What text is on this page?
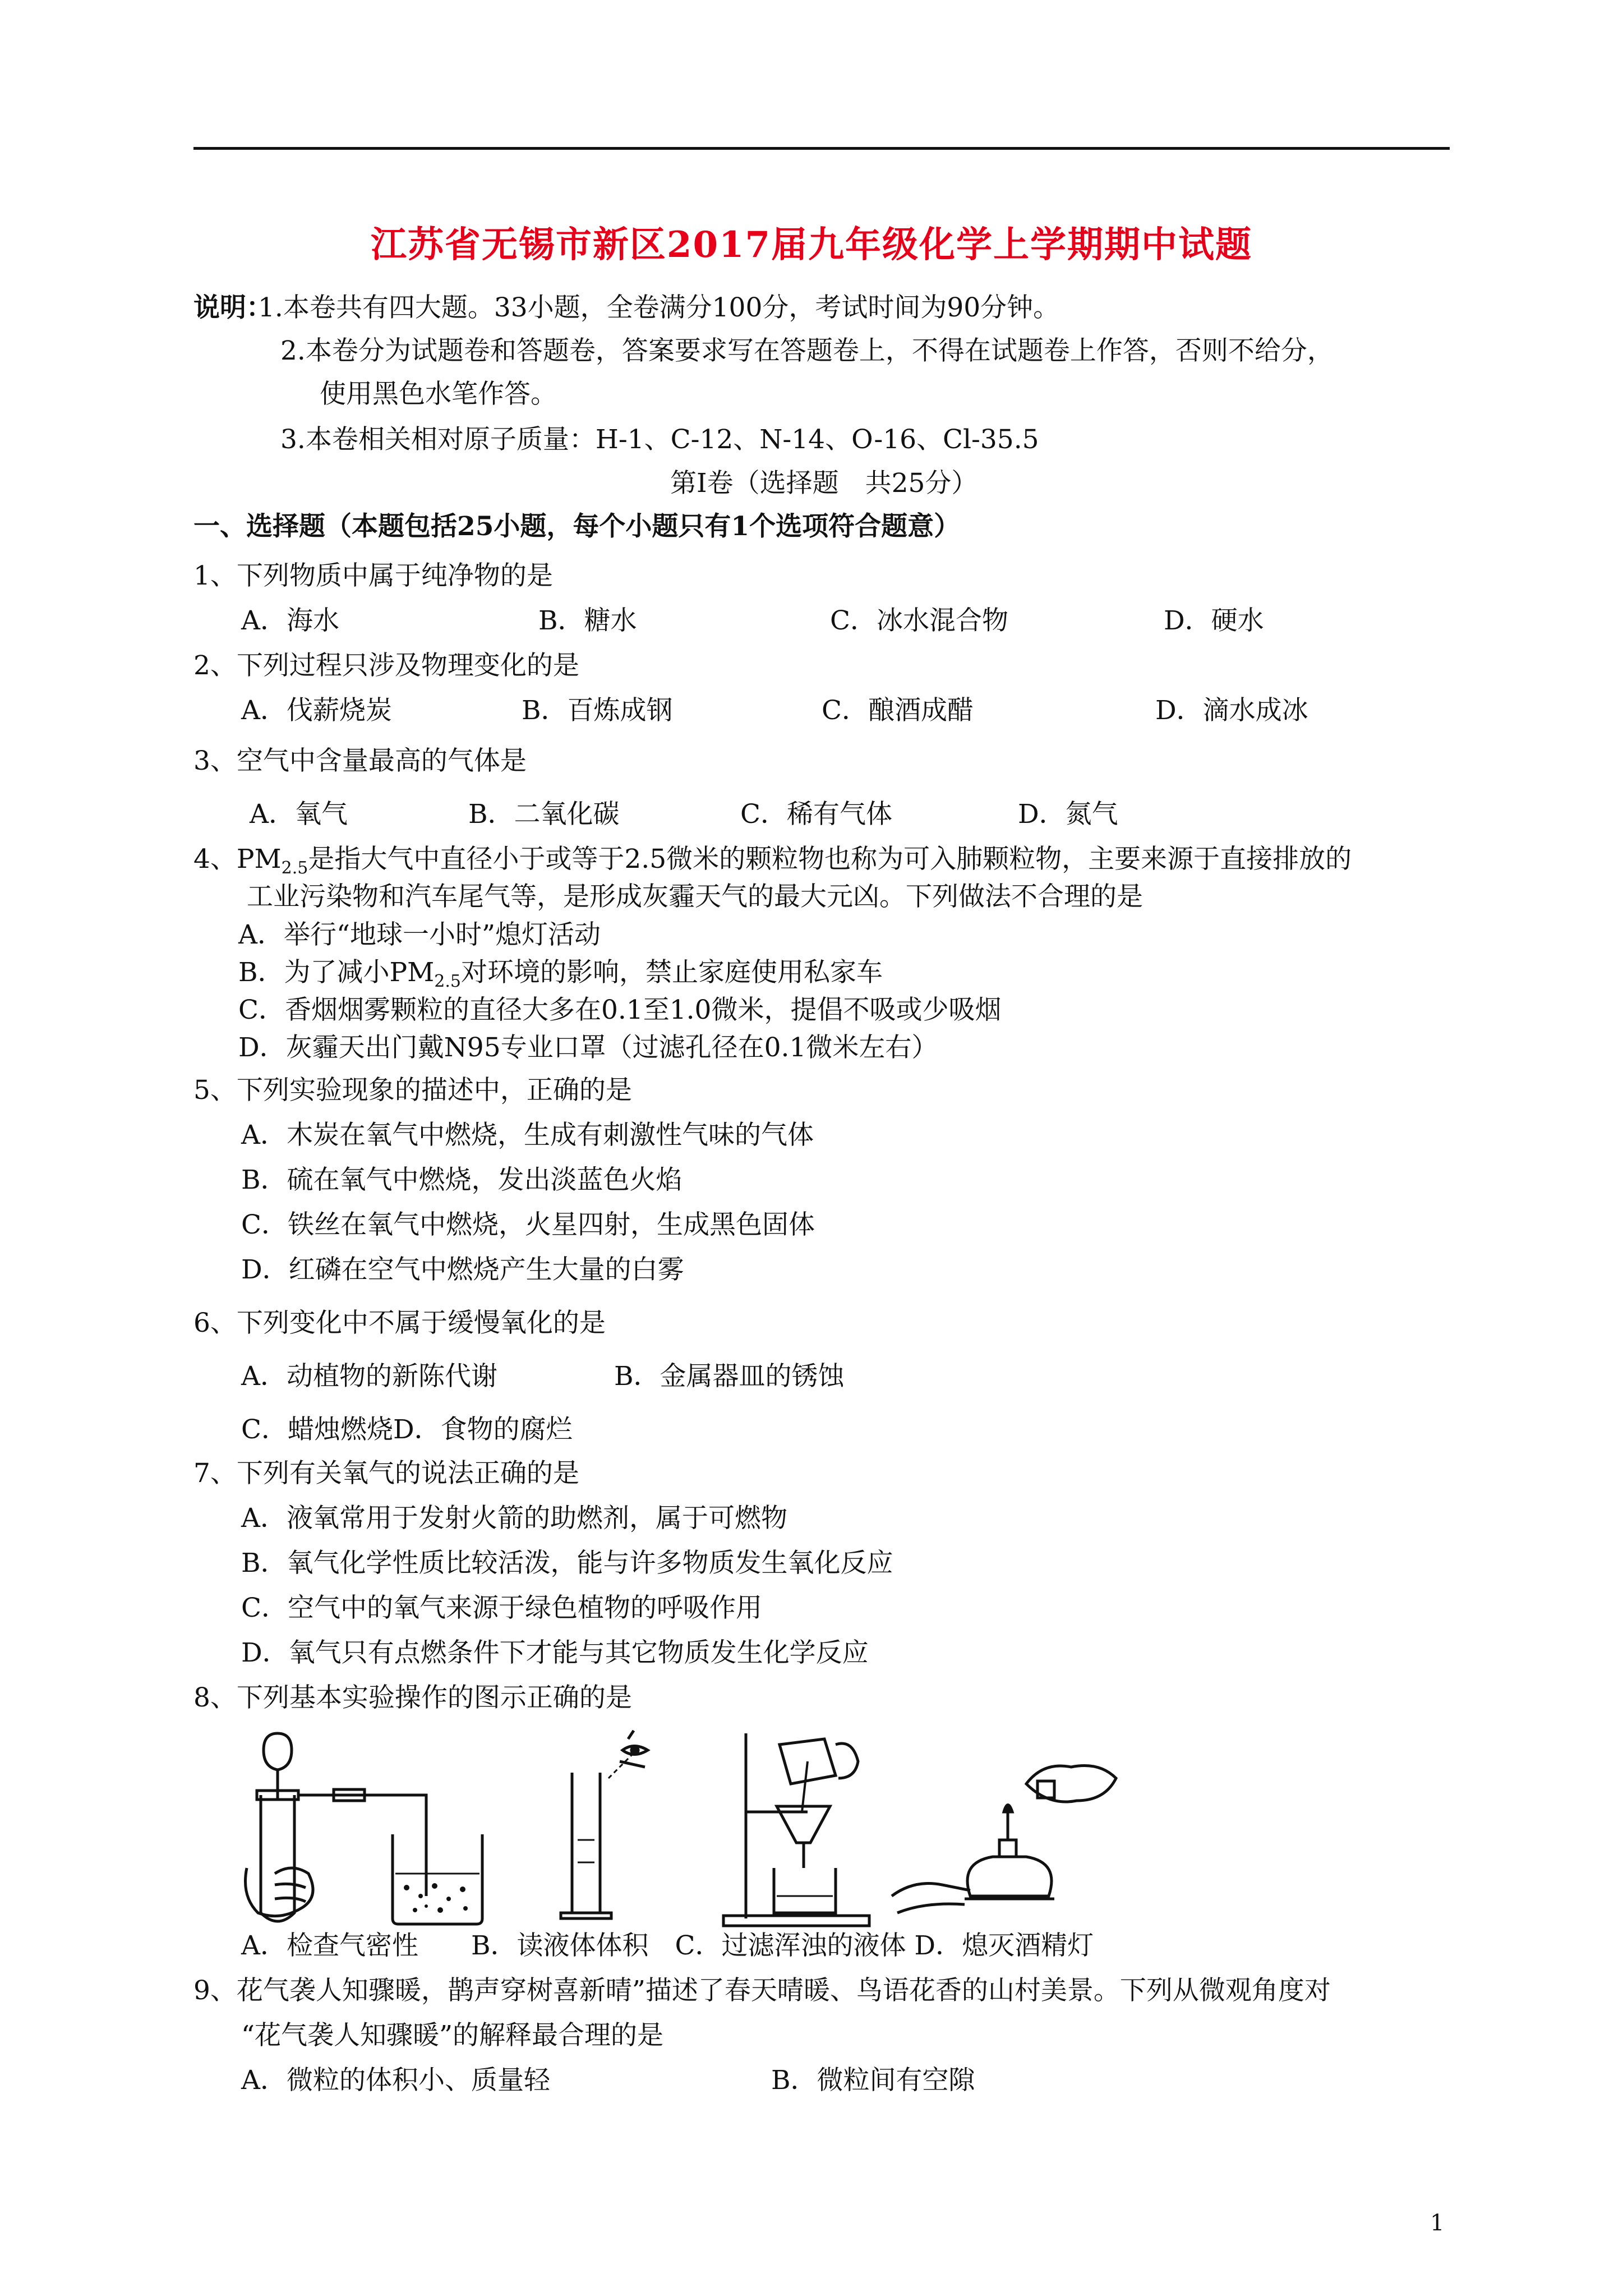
江苏省无锡市新区2017届九年级化学上学期期中试题
说明：
1.本卷共有四大题。33小题，全卷满分100分，考试时间为90分钟。
2.本卷分为试题卷和答题卷，答案要求写在答题卷上，不得在试题卷上作答，否则不给分，
使用黑色水笔作答。
3.本卷相关相对原子质量：H-1、C-12、N-14、O-16、Cl-35.5
第Ⅰ卷（选择题　共25分）
一、选择题（本题包括25小题，每个小题只有1个选项符合题意）
1、下列物质中属于纯净物的是
A．海水	B．糖水	C．冰水混合物	D．硬水
2、下列过程只涉及物理变化的是
A．伐薪烧炭	B．百炼成钢	C．酿酒成醋	D．滴水成冰
3、空气中含量最高的气体是
A．氧气	B．二氧化碳	C．稀有气体	D．氮气
4、$PM_{2.5}$是指大气中直径小于或等于2.5微米的颗粒物也称为可入肺颗粒物，主要来源于直接排放的
工业污染物和汽车尾气等，是形成灰霾天气的最大元凶。下列做法不合理的是
A．举行“地球一小时”熄灯活动
B．为了减小$PM_{2.5}$对环境的影响，禁止家庭使用私家车
C．香烟烟雾颗粒的直径大多在0.1至1.0微米，提倡不吸或少吸烟
D．灰霾天出门戴N95专业口罩（过滤孔径在0.1微米左右）
5、下列实验现象的描述中，正确的是
A．木炭在氧气中燃烧，生成有刺激性气味的气体
B．硫在氧气中燃烧，发出淡蓝色火焰
C．铁丝在氧气中燃烧，火星四射，生成黑色固体
D．红磷在空气中燃烧产生大量的白雾
6、下列变化中不属于缓慢氧化的是
A．动植物的新陈代谢	B．金属器皿的锈蚀
C．蜡烛燃烧D．食物的腐烂
7、下列有关氧气的说法正确的是
A．液氧常用于发射火箭的助燃剂，属于可燃物
B．氧气化学性质比较活泼，能与许多物质发生氧化反应
C．空气中的氧气来源于绿色植物的呼吸作用
D．氧气只有点燃条件下才能与其它物质发生化学反应
8、下列基本实验操作的图示正确的是
A．检查气密性　　B．读液体体积　C．过滤浑浊的液体 D．熄灭酒精灯
9、花气袭人知骤暖，鹊声穿树喜新晴”描述了春天晴暖、鸟语花香的山村美景。下列从微观角度对
“花气袭人知骤暖”的解释最合理的是
A．微粒的体积小、质量轻	B．微粒间有空隙
1
